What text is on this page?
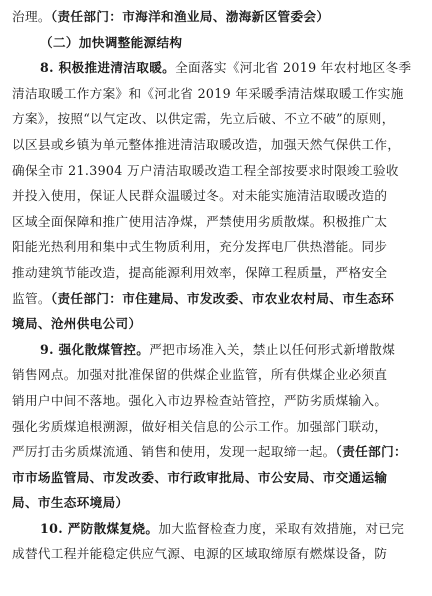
治理。（责任部门：市海洋和渔业局、渤海新区管委会）
（二）加快调整能源结构
8. 积极推进清洁取暖。全面落实《河北省 2019 年农村地区冬季
清洁取暖工作方案》和《河北省 2019 年采暖季清洁煤取暖工作实施
方案》，按照“以气定改、以供定需，先立后破、不立不破”的原则，
以区县或乡镇为单元整体推进清洁取暖改造，加强天然气保供工作，
确保全市 21.3904 万户清洁取暖改造工程全部按要求时限竣工验收
并投入使用，保证人民群众温暖过冬。对未能实施清洁取暖改造的
区域全面保障和推广使用洁净煤，严禁使用劣质散煤。积极推广太
阳能光热利用和集中式生物质利用，充分发挥电厂供热潜能。同步
推动建筑节能改造，提高能源利用效率，保障工程质量，严格安全
监管。（责任部门：市住建局、市发改委、市农业农村局、市生态环
境局、沧州供电公司）
9. 强化散煤管控。严把市场准入关，禁止以任何形式新增散煤
销售网点。加强对批准保留的供煤企业监管，所有供煤企业必须直
销用户中间不落地。强化入市边界检查站管控，严防劣质煤输入。
强化劣质煤追根溯源，做好相关信息的公示工作。加强部门联动，
严厉打击劣质煤流通、销售和使用，发现一起取缔一起。（责任部门：
市市场监管局、市发改委、市行政审批局、市公安局、市交通运输
局、市生态环境局）
10. 严防散煤复烧。加大监督检查力度，采取有效措施，对已完
成替代工程并能稳定供应气源、电源的区域取缔原有燃煤设备，防
